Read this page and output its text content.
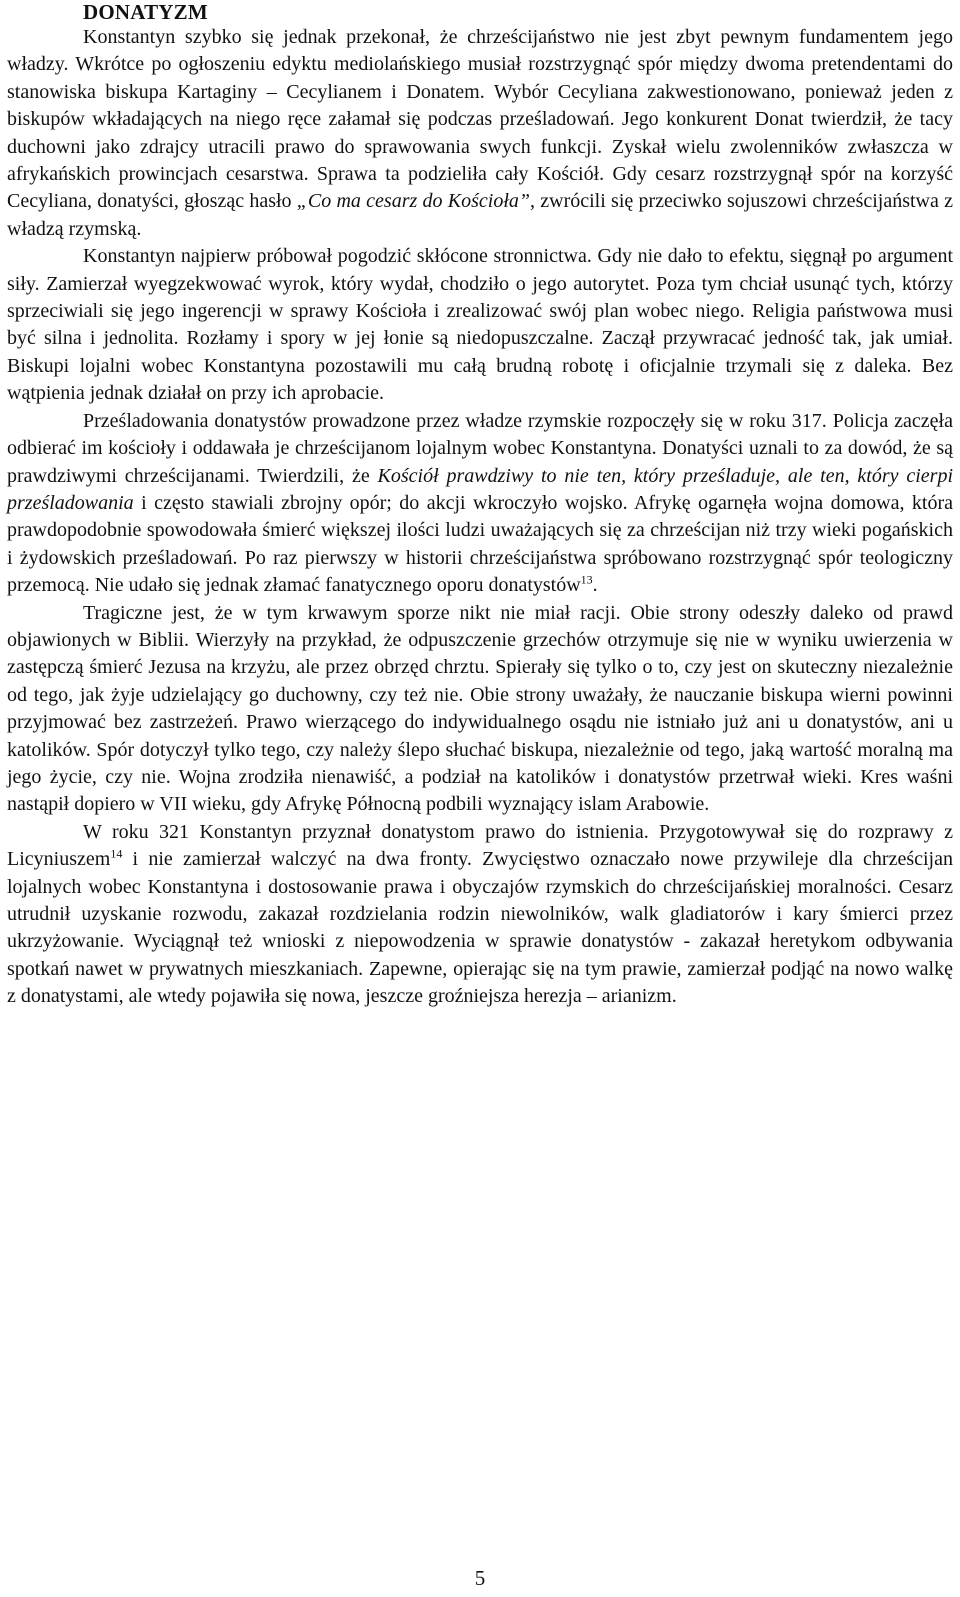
DONATYZM

Konstantyn szybko się jednak przekonał, że chrześcijaństwo nie jest zbyt pewnym fundamentem jego władzy. Wkrótce po ogłoszeniu edyktu mediolańskiego musiał rozstrzygnąć spór między dwoma pretendentami do stanowiska biskupa Kartaginy – Cecylianem i Donatem. Wybór Cecyliana zakwestionowano, ponieważ jeden z biskupów wkładających na niego ręce załamał się podczas prześladowań. Jego konkurent Donat twierdził, że tacy duchowni jako zdrajcy utracili prawo do sprawowania swych funkcji. Zyskał wielu zwolenników zwłaszcza w afrykańskich prowincjach cesarstwa. Sprawa ta podzieliła cały Kościół. Gdy cesarz rozstrzygnął spór na korzyść Cecyliana, donatyści, głosząc hasło „Co ma cesarz do Kościoła”, zwrócili się przeciwko sojuszowi chrześcijaństwa z władzą rzymską.

Konstantyn najpierw próbował pogodzić skłócone stronnictwa. Gdy nie dało to efektu, sięgnął po argument siły. Zamierzał wyegzekwować wyrok, który wydał, chodziło o jego autorytet. Poza tym chciał usunąć tych, którzy sprzeciwiali się jego ingerencji w sprawy Kościoła i zrealizować swój plan wobec niego. Religia państwowa musi być silna i jednolita. Rozłamy i spory w jej łonie są niedopuszczalne. Zaczął przywracać jedność tak, jak umiał. Biskupi lojalni wobec Konstantyna pozostawili mu całą brudną robotę i oficjalnie trzymali się z daleka. Bez wątpienia jednak działał on przy ich aprobacie.

Prześladowania donatystów prowadzone przez władze rzymskie rozpoczęły się w roku 317. Policja zaczęła odbierać im kościoły i oddawała je chrześcijanom lojalnym wobec Konstantyna. Donatyści uznali to za dowód, że są prawdziwymi chrześcijanami. Twierdzili, że Kościół prawdziwy to nie ten, który prześladuje, ale ten, który cierpi prześladowania i często stawiali zbrojny opór; do akcji wkroczyło wojsko. Afrykę ogarnęła wojna domowa, która prawdopodobnie spowodowała śmierć większej ilości ludzi uważających się za chrześcijan niż trzy wieki pogańskich i żydowskich prześladowań. Po raz pierwszy w historii chrześcijaństwa spróbowano rozstrzygnąć spór teologiczny przemocą. Nie udało się jednak złamać fanatycznego oporu donatystów$^{13}$.

Tragiczne jest, że w tym krwawym sporze nikt nie miał racji. Obie strony odeszły daleko od prawd objawionych w Biblii. Wierzyły na przykład, że odpuszczenie grzechów otrzymuje się nie w wyniku uwierzenia w zastępczą śmierć Jezusa na krzyżu, ale przez obrzęd chrztu. Spierały się tylko o to, czy jest on skuteczny niezależnie od tego, jak żyje udzielający go duchowny, czy też nie. Obie strony uważały, że nauczanie biskupa wierni powinni przyjmować bez zastrzeżeń. Prawo wierzącego do indywidualnego osądu nie istniało już ani u donatystów, ani u katolików. Spór dotyczył tylko tego, czy należy ślepo słuchać biskupa, niezależnie od tego, jaką wartość moralną ma jego życie, czy nie. Wojna zrodziła nienawiść, a podział na katolików i donatystów przetrwał wieki. Kres waśni nastąpił dopiero w VII wieku, gdy Afrykę Północną podbili wyznający islam Arabowie.

W roku 321 Konstantyn przyznał donatystom prawo do istnienia. Przygotowywał się do rozprawy z Licyniuszem$^{14}$ i nie zamierzał walczyć na dwa fronty. Zwycięstwo oznaczało nowe przywileje dla chrześcijan lojalnych wobec Konstantyna i dostosowanie prawa i obyczajów rzymskich do chrześcijańskiej moralności. Cesarz utrudnił uzyskanie rozwodu, zakazał rozdzielania rodzin niewolników, walk gladiatorów i kary śmierci przez ukrzyżowanie. Wyciągnął też wnioski z niepowodzenia w sprawie donatystów - zakazał heretykom odbywania spotkań nawet w prywatnych mieszkaniach. Zapewne, opierając się na tym prawie, zamierzał podjąć na nowo walkę z donatystami, ale wtedy pojawiła się nowa, jeszcze groźniejsza herezja – arianizm.

5
